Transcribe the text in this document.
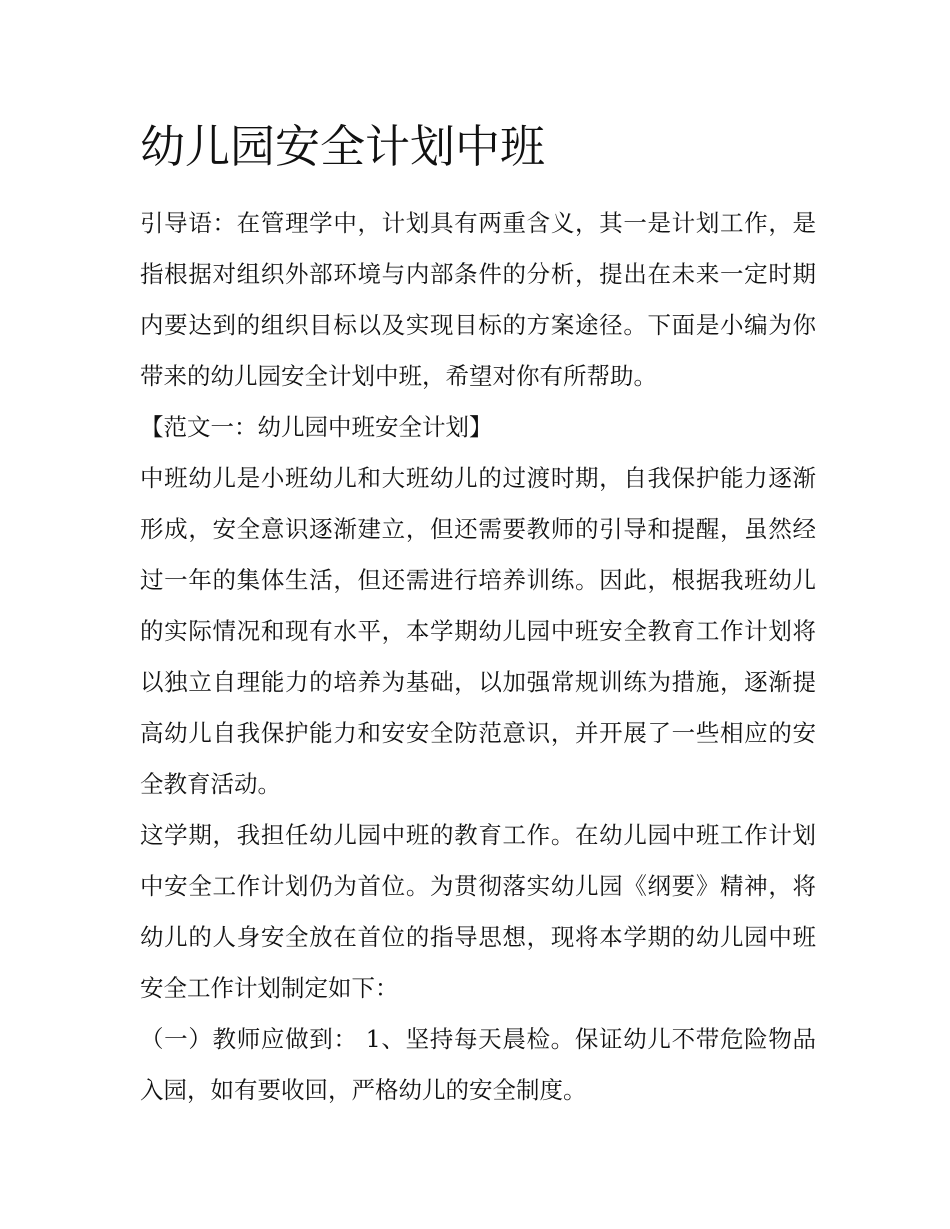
幼儿园安全计划中班

引导语：在管理学中，计划具有两重含义，其一是计划工作，是指根据对组织外部环境与内部条件的分析，提出在未来一定时期内要达到的组织目标以及实现目标的方案途径。下面是小编为你带来的幼儿园安全计划中班，希望对你有所帮助。

【范文一：幼儿园中班安全计划】

中班幼儿是小班幼儿和大班幼儿的过渡时期，自我保护能力逐渐形成，安全意识逐渐建立，但还需要教师的引导和提醒，虽然经过一年的集体生活，但还需进行培养训练。因此，根据我班幼儿的实际情况和现有水平，本学期幼儿园中班安全教育工作计划将以独立自理能力的培养为基础，以加强常规训练为措施，逐渐提高幼儿自我保护能力和安安全防范意识，并开展了一些相应的安全教育活动。

这学期，我担任幼儿园中班的教育工作。在幼儿园中班工作计划中安全工作计划仍为首位。为贯彻落实幼儿园《纲要》精神，将幼儿的人身安全放在首位的指导思想，现将本学期的幼儿园中班安全工作计划制定如下：

（一）教师应做到： 1、坚持每天晨检。保证幼儿不带危险物品入园，如有要收回，严格幼儿的安全制度。
